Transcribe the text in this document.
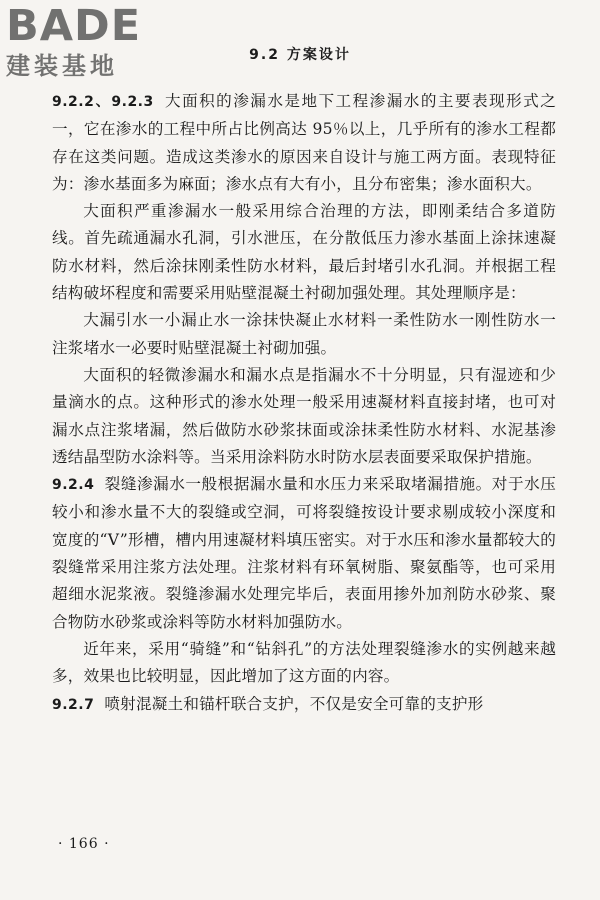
BADE
建装基地	9.2 方案设计

9.2.2、9.2.3 大面积的渗漏水是地下工程渗漏水的主要表现形式之一，它在渗水的工程中所占比例高达 95％以上，几乎所有的渗水工程都存在这类问题。造成这类渗水的原因来自设计与施工两方面。表现特征为：渗水基面多为麻面；渗水点有大有小，且分布密集；渗水面积大。

大面积严重渗漏水一般采用综合治理的方法，即刚柔结合多道防线。首先疏通漏水孔洞，引水泄压，在分散低压力渗水基面上涂抹速凝防水材料，然后涂抹刚柔性防水材料，最后封堵引水孔洞。并根据工程结构破坏程度和需要采用贴壁混凝土衬砌加强处理。其处理顺序是：

大漏引水一小漏止水一涂抹快凝止水材料一柔性防水一刚性防水一注浆堵水一必要时贴壁混凝土衬砌加强。

大面积的轻微渗漏水和漏水点是指漏水不十分明显，只有湿迹和少量滴水的点。这种形式的渗水处理一般采用速凝材料直接封堵，也可对漏水点注浆堵漏，然后做防水砂浆抹面或涂抹柔性防水材料、水泥基渗透结晶型防水涂料等。当采用涂料防水时防水层表面要采取保护措施。

9.2.4 裂缝渗漏水一般根据漏水量和水压力来采取堵漏措施。对于水压较小和渗水量不大的裂缝或空洞，可将裂缝按设计要求剔成较小深度和宽度的“V”形槽，槽内用速凝材料填压密实。对于水压和渗水量都较大的裂缝常采用注浆方法处理。注浆材料有环氧树脂、聚氨酯等，也可采用超细水泥浆液。裂缝渗漏水处理完毕后，表面用掺外加剂防水砂浆、聚合物防水砂浆或涂料等防水材料加强防水。

近年来，采用“骑缝”和“钻斜孔”的方法处理裂缝渗水的实例越来越多，效果也比较明显，因此增加了这方面的内容。

9.2.7 喷射混凝土和锚杆联合支护，不仅是安全可靠的支护形

· 166 ·
